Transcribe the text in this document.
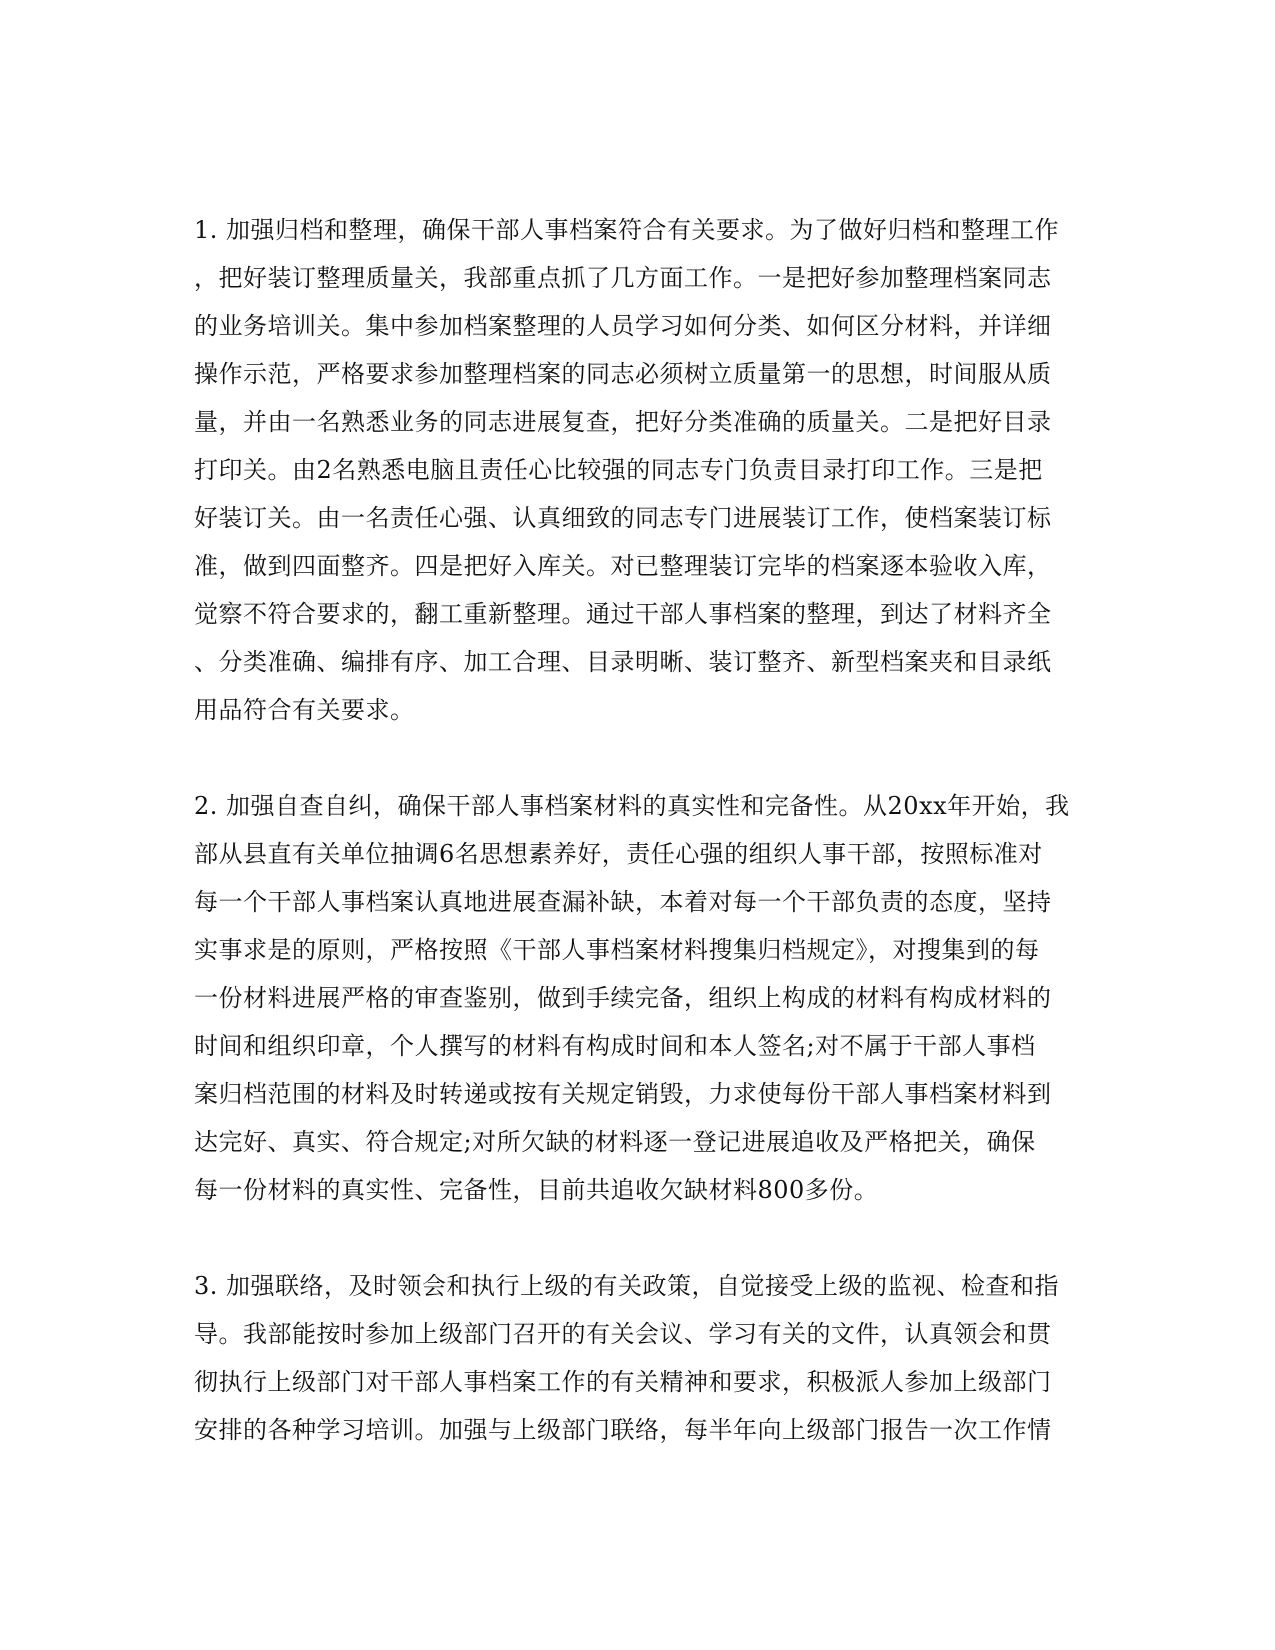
1. 加强归档和整理，确保干部人事档案符合有关要求。为了做好归档和整理工作
，把好装订整理质量关，我部重点抓了几方面工作。一是把好参加整理档案同志
的业务培训关。集中参加档案整理的人员学习如何分类、如何区分材料，并详细
操作示范，严格要求参加整理档案的同志必须树立质量第一的思想，时间服从质
量，并由一名熟悉业务的同志进展复查，把好分类准确的质量关。二是把好目录
打印关。由2名熟悉电脑且责任心比较强的同志专门负责目录打印工作。三是把
好装订关。由一名责任心强、认真细致的同志专门进展装订工作，使档案装订标
准，做到四面整齐。四是把好入库关。对已整理装订完毕的档案逐本验收入库，
觉察不符合要求的，翻工重新整理。通过干部人事档案的整理，到达了材料齐全
、分类准确、编排有序、加工合理、目录明晰、装订整齐、新型档案夹和目录纸
用品符合有关要求。

2. 加强自查自纠，确保干部人事档案材料的真实性和完备性。从20xx年开始，我
部从县直有关单位抽调6名思想素养好，责任心强的组织人事干部，按照标准对
每一个干部人事档案认真地进展查漏补缺，本着对每一个干部负责的态度，坚持
实事求是的原则，严格按照《干部人事档案材料搜集归档规定》，对搜集到的每
一份材料进展严格的审查鉴别，做到手续完备，组织上构成的材料有构成材料的
时间和组织印章，个人撰写的材料有构成时间和本人签名;对不属于干部人事档
案归档范围的材料及时转递或按有关规定销毁，力求使每份干部人事档案材料到
达完好、真实、符合规定;对所欠缺的材料逐一登记进展追收及严格把关，确保
每一份材料的真实性、完备性，目前共追收欠缺材料800多份。

3. 加强联络，及时领会和执行上级的有关政策，自觉接受上级的监视、检查和指
导。我部能按时参加上级部门召开的有关会议、学习有关的文件，认真领会和贯
彻执行上级部门对干部人事档案工作的有关精神和要求，积极派人参加上级部门
安排的各种学习培训。加强与上级部门联络，每半年向上级部门报告一次工作情
